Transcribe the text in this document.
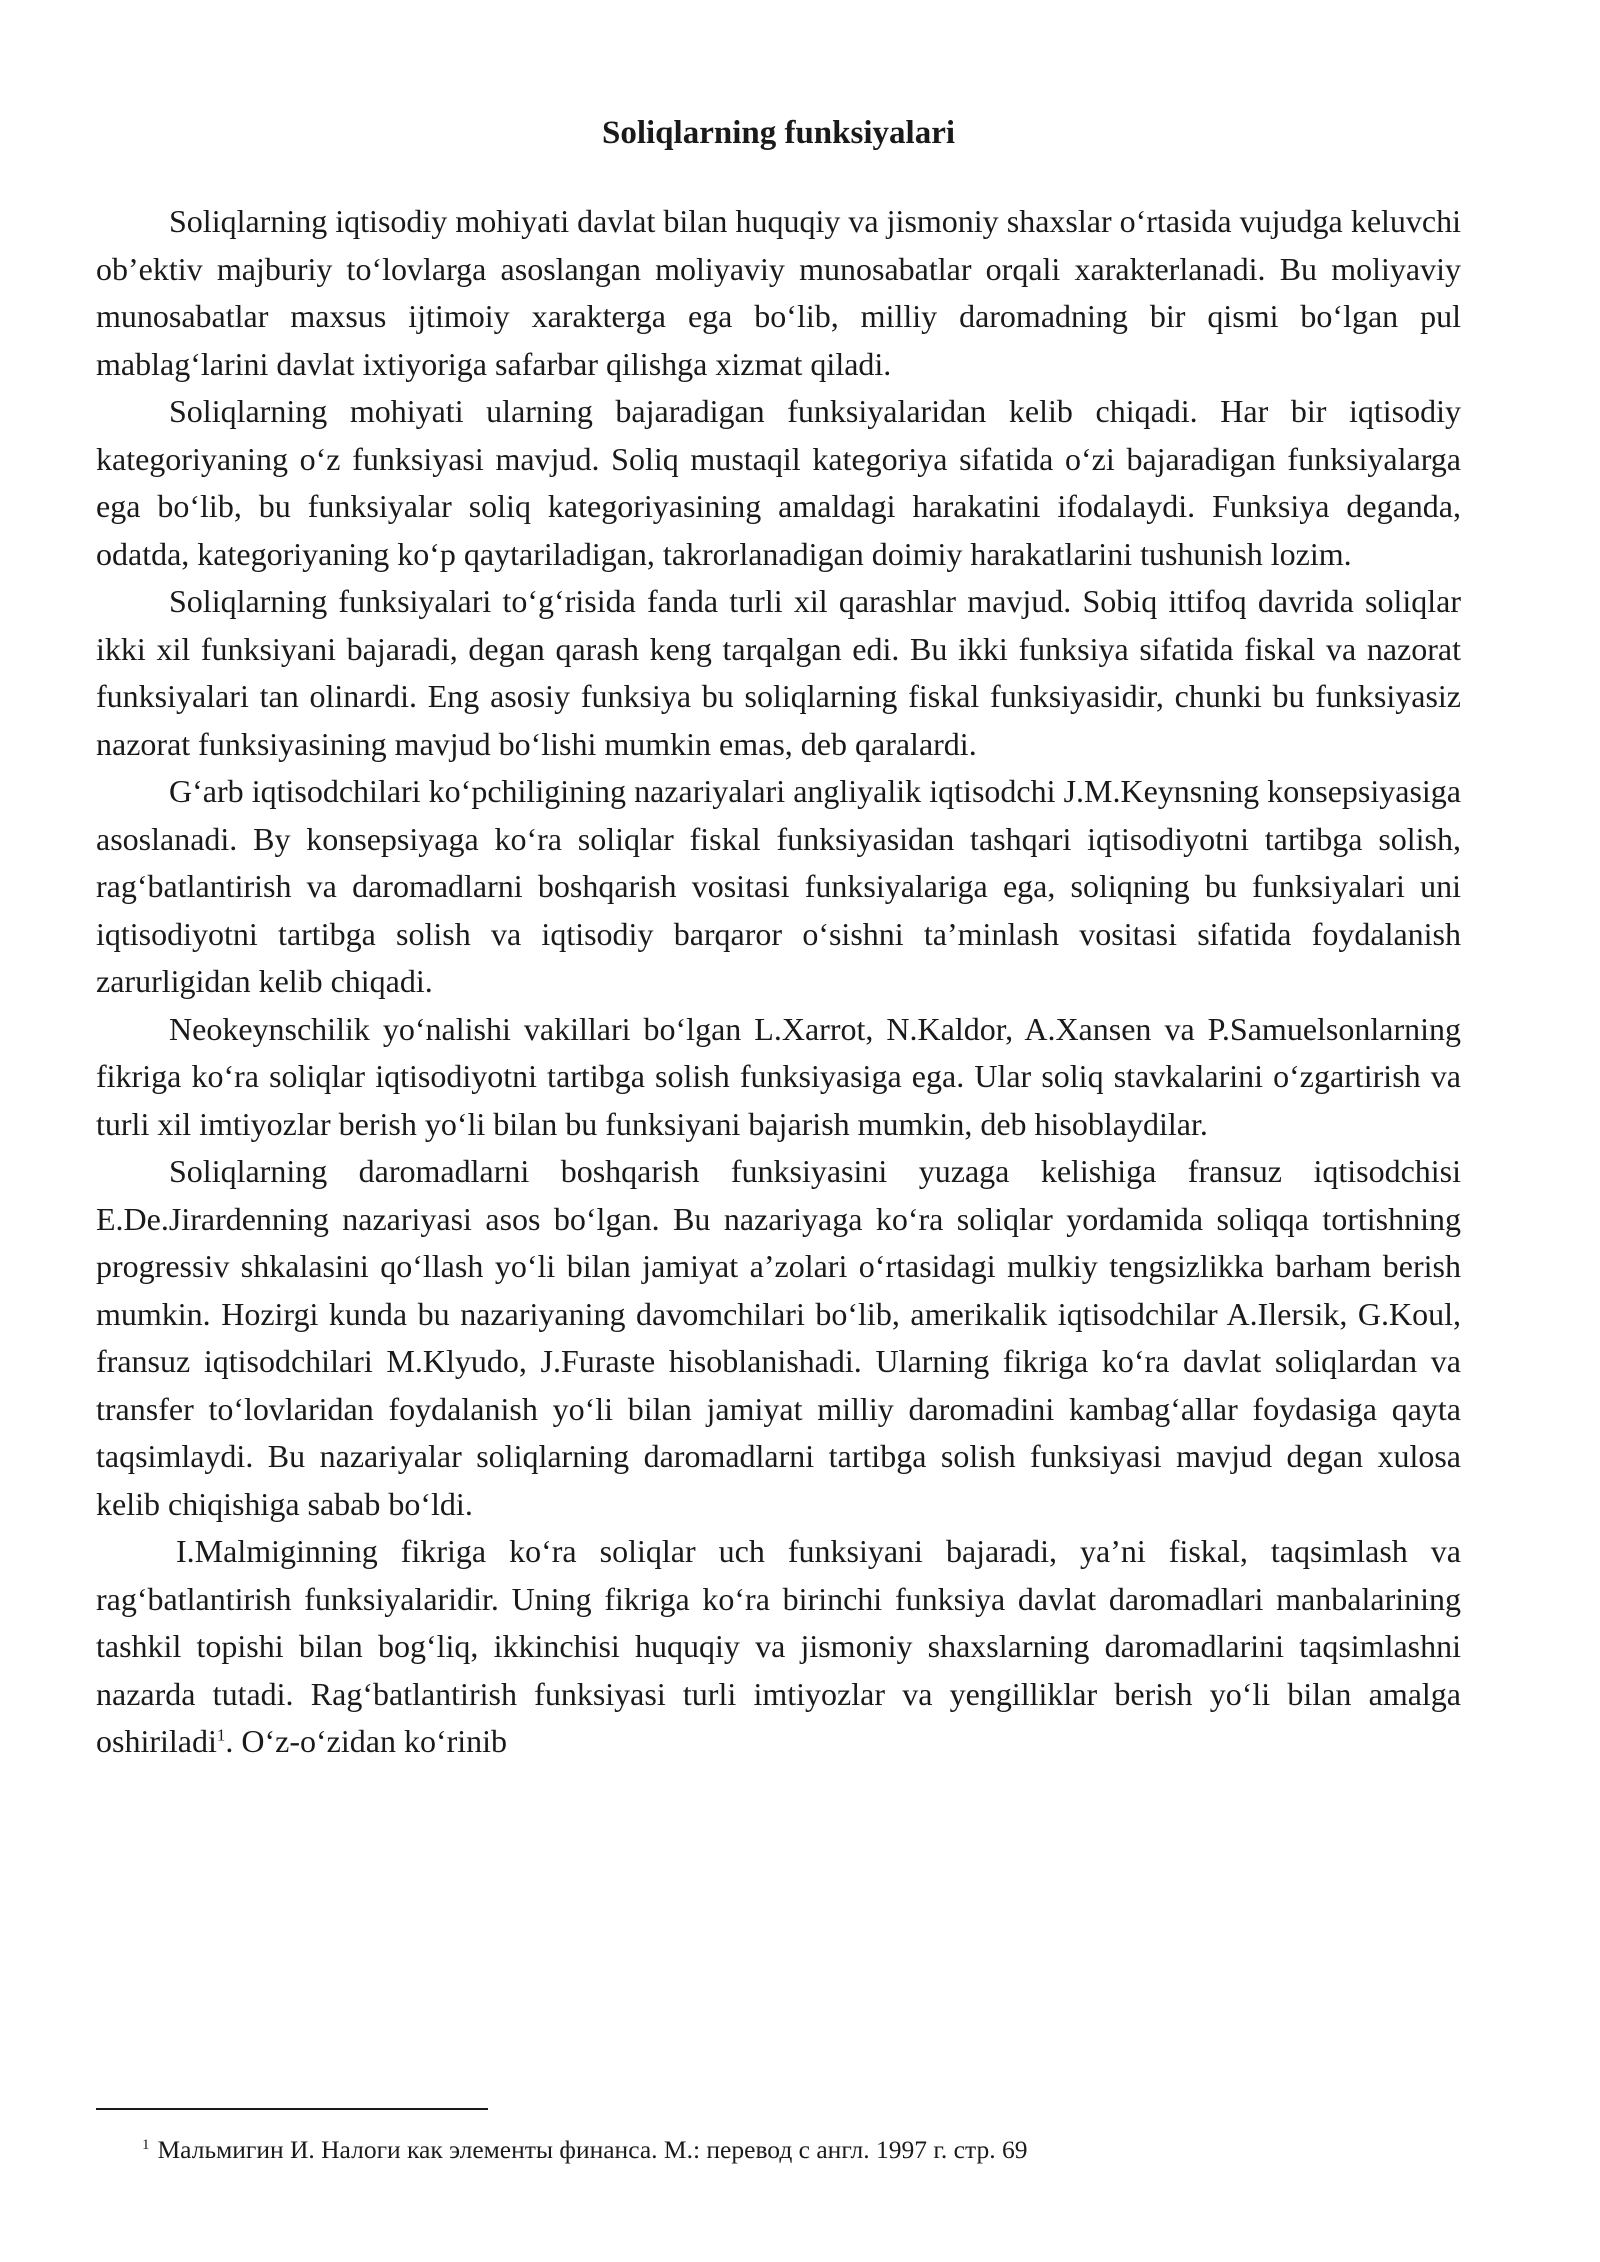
Soliqlarning funksiyalari

Soliqlarning iqtisodiy mohiyati davlat bilan huquqiy va jismoniy shaxslar o‘rtasida vujudga keluvchi ob’ektiv majburiy to‘lovlarga asoslangan moliyaviy munosabatlar orqali xarakterlanadi. Bu moliyaviy munosabatlar maxsus ijtimoiy xarakterga ega bo‘lib, milliy daromadning bir qismi bo‘lgan pul mablag‘larini davlat ixtiyoriga safarbar qilishga xizmat qiladi.

Soliqlarning mohiyati ularning bajaradigan funksiyalaridan kelib chiqadi. Har bir iqtisodiy kategoriyaning o‘z funksiyasi mavjud. Soliq mustaqil kategoriya sifatida o‘zi bajaradigan funksiyalarga ega bo‘lib, bu funksiyalar soliq kategoriyasining amaldagi harakatini ifodalaydi. Funksiya deganda, odatda, kategoriyaning ko‘p qaytariladigan, takrorlanadigan doimiy harakatlarini tushunish lozim.

Soliqlarning funksiyalari to‘g‘risida fanda turli xil qarashlar mavjud. Sobiq ittifoq davrida soliqlar ikki xil funksiyani bajaradi, degan qarash keng tarqalgan edi. Bu ikki funksiya sifatida fiskal va nazorat funksiyalari tan olinardi. Eng asosiy funksiya bu soliqlarning fiskal funksiyasidir, chunki bu funksiyasiz nazorat funksiyasining mavjud bo‘lishi mumkin emas, deb qaralardi.

G‘arb iqtisodchilari ko‘pchiligining nazariyalari angliyalik iqtisodchi J.M.Keynsning konsepsiyasiga asoslanadi. By konsepsiyaga ko‘ra soliqlar fiskal funksiyasidan tashqari iqtisodiyotni tartibga solish, rag‘batlantirish va daromadlarni boshqarish vositasi funksiyalariga ega, soliqning bu funksiyalari uni iqtisodiyotni tartibga solish va iqtisodiy barqaror o‘sishni ta’minlash vositasi sifatida foydalanish zarurligidan kelib chiqadi.

Neokeynschilik yo‘nalishi vakillari bo‘lgan L.Xarrot, N.Kaldor, A.Xansen va P.Samuelsonlarning fikriga ko‘ra soliqlar iqtisodiyotni tartibga solish funksiyasiga ega. Ular soliq stavkalarini o‘zgartirish va turli xil imtiyozlar berish yo‘li bilan bu funksiyani bajarish mumkin, deb hisoblaydilar.

Soliqlarning daromadlarni boshqarish funksiyasini yuzaga kelishiga fransuz iqtisodchisi E.De.Jirardenning nazariyasi asos bo‘lgan. Bu nazariyaga ko‘ra soliqlar yordamida soliqqa tortishning progressiv shkalasini qo‘llash yo‘li bilan jamiyat a’zolari o‘rtasidagi mulkiy tengsizlikka barham berish mumkin. Hozirgi kunda bu nazariyaning davomchilari bo‘lib, amerikalik iqtisodchilar A.Ilersik, G.Koul, fransuz iqtisodchilari M.Klyudo, J.Furaste hisoblanishadi. Ularning fikriga ko‘ra davlat soliqlardan va transfer to‘lovlaridan foydalanish yo‘li bilan jamiyat milliy daromadini kambag‘allar foydasiga qayta taqsimlaydi. Bu nazariyalar soliqlarning daromadlarni tartibga solish funksiyasi mavjud degan xulosa kelib chiqishiga sabab bo‘ldi.

I.Malmiginning fikriga ko‘ra soliqlar uch funksiyani bajaradi, ya’ni fiskal, taqsimlash va rag‘batlantirish funksiyalaridir. Uning fikriga ko‘ra birinchi funksiya davlat daromadlari manbalarining tashkil topishi bilan bog‘liq, ikkinchisi huquqiy va jismoniy shaxslarning daromadlarini taqsimlashni nazarda tutadi. Rag‘batlantirish funksiyasi turli imtiyozlar va yengilliklar berish yo‘li bilan amalga oshiriladi$^1$. O‘z-o‘zidan ko‘rinib

$^1$ Мальмигин И. Налоги как элементы финанса. М.: перевод с англ. 1997 г. стр. 69
